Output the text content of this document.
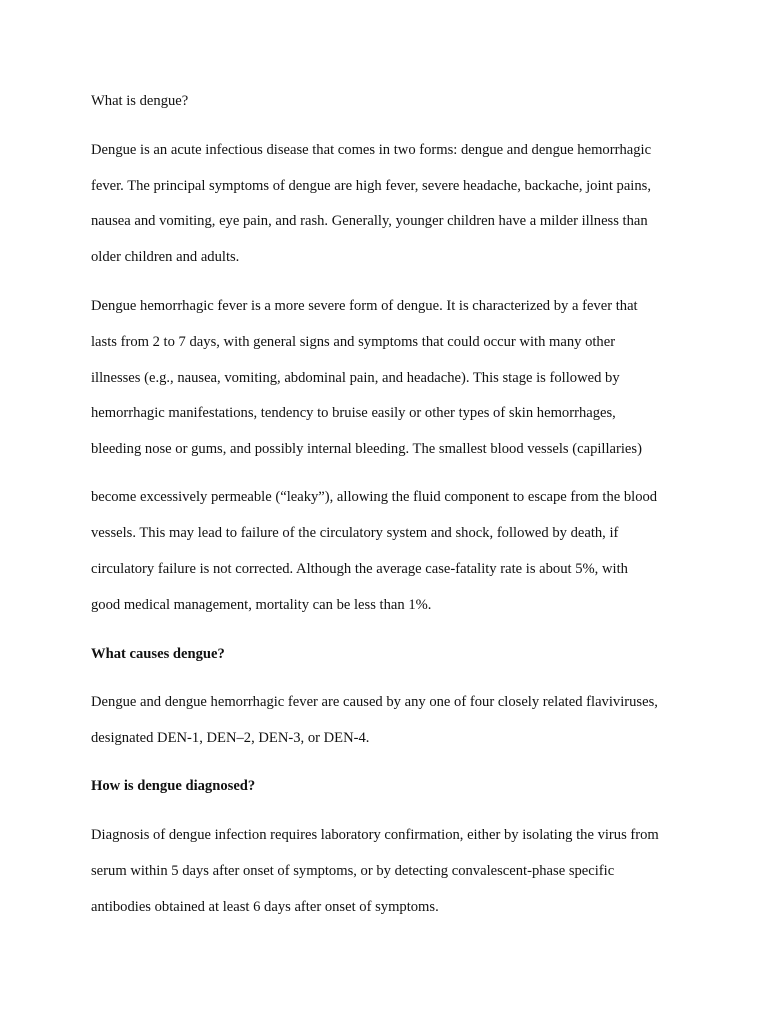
What is dengue?

Dengue is an acute infectious disease that comes in two forms: dengue and dengue hemorrhagic

fever. The principal symptoms of dengue are high fever, severe headache, backache, joint pains,

nausea and vomiting, eye pain, and rash. Generally, younger children have a milder illness than

older children and adults.

Dengue hemorrhagic fever is a more severe form of dengue. It is characterized by a fever that

lasts from 2 to 7 days, with general signs and symptoms that could occur with many other

illnesses (e.g., nausea, vomiting, abdominal pain, and headache). This stage is followed by

hemorrhagic manifestations, tendency to bruise easily or other types of skin hemorrhages,

bleeding nose or gums, and possibly internal bleeding. The smallest blood vessels (capillaries)

become excessively permeable (“leaky”), allowing the fluid component to escape from the blood

vessels. This may lead to failure of the circulatory system and shock, followed by death, if

circulatory failure is not corrected. Although the average case-fatality rate is about 5%, with

good medical management, mortality can be less than 1%.

What causes dengue?

Dengue and dengue hemorrhagic fever are caused by any one of four closely related flaviviruses,

designated DEN-1, DEN–2, DEN-3, or DEN-4.

How is dengue diagnosed?

Diagnosis of dengue infection requires laboratory confirmation, either by isolating the virus from

serum within 5 days after onset of symptoms, or by detecting convalescent-phase specific

antibodies obtained at least 6 days after onset of symptoms.
